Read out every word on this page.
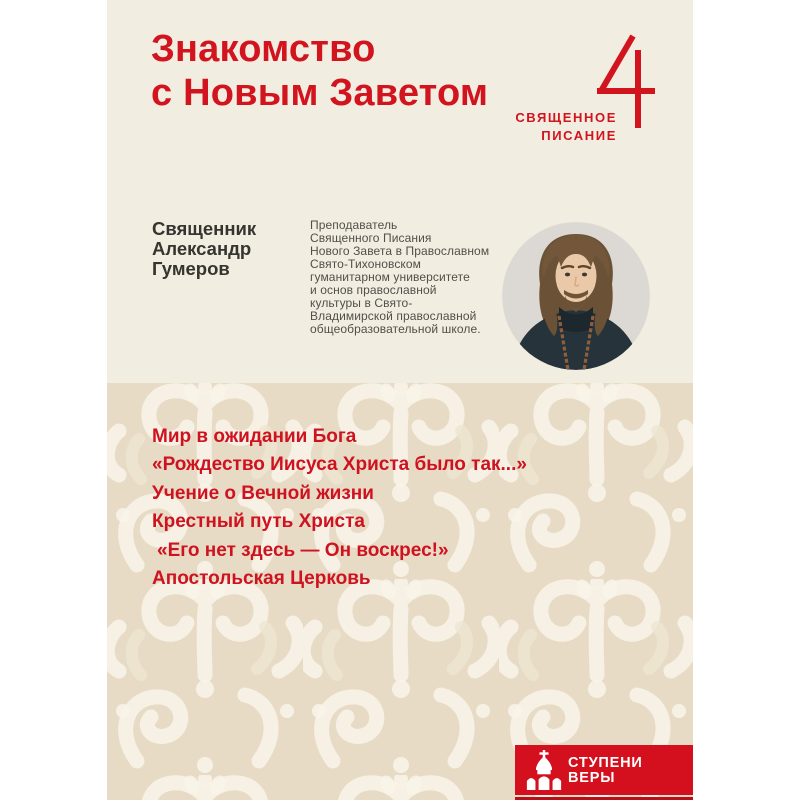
Знакомство
с Новым Заветом
СВЯЩЕННОЕ
ПИСАНИЕ
Священник
Александр
Гумеров
Преподаватель
Священного Писания
Нового Завета в Православном
Свято-Тихоновском
гуманитарном университете
и основ православной
культуры в Свято-
Владимирской православной
общеобразовательной школе.
Мир в ожидании Бога
«Рождество Иисуса Христа было так...»
Учение о Вечной жизни
Крестный путь Христа
«Его нет здесь — Он воскрес!»
Апостольская Церковь
СТУПЕНИ
ВЕРЫ
